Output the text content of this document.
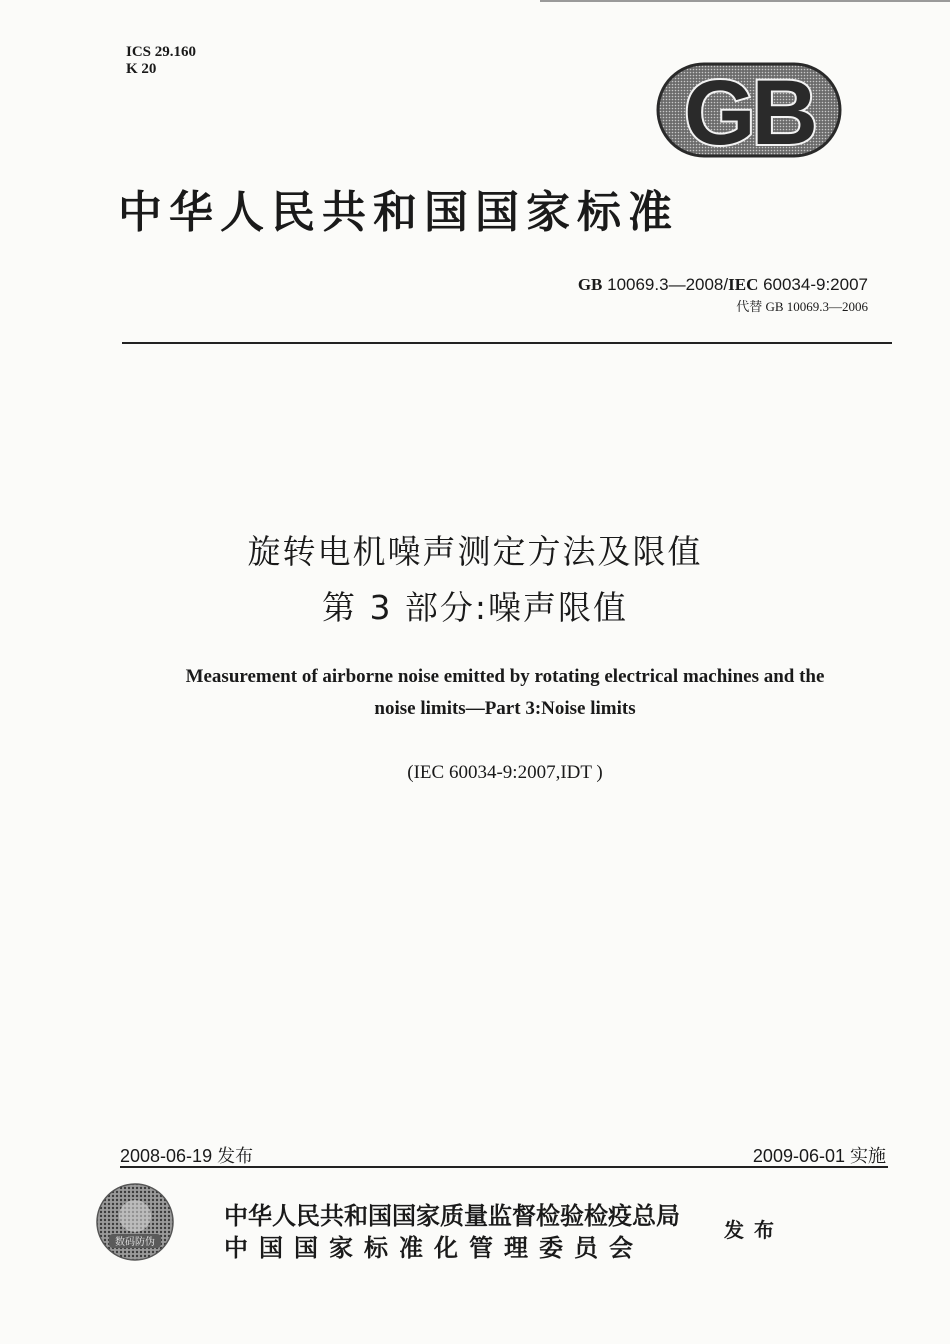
ICS 29.160
K 20	GB
中华人民共和国国家标准
GB 10069.3—2008/IEC 60034-9:2007
代替 GB 10069.3—2006
旋转电机噪声测定方法及限值
第 3 部分:噪声限值
Measurement of airborne noise emitted by rotating electrical machines and the
noise limits—Part 3:Noise limits
(IEC 60034-9:2007,IDT )
2008-06-19 发布	2009-06-01 实施
数码防伪
中华人民共和国国家质量监督检验检疫总局
中国国家标准化管理委员会
发布
